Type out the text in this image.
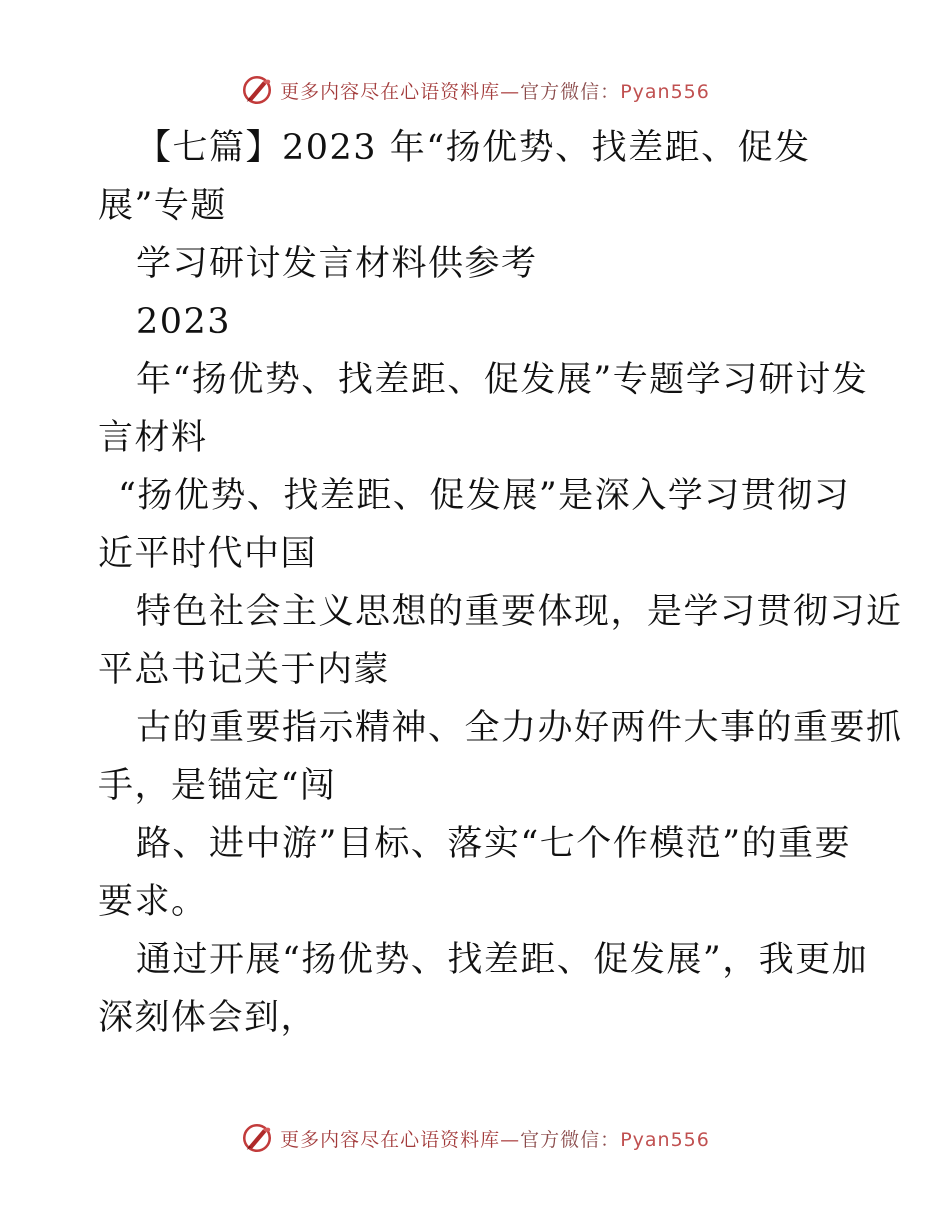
更多内容尽在心语资料库—官方微信：Pyan556
【七篇】2023 年“扬优势、找差距、促发
展”专题
学习研讨发言材料供参考
2023
年“扬优势、找差距、促发展”专题学习研讨发
言材料
“扬优势、找差距、促发展”是深入学习贯彻习
近平时代中国
特色社会主义思想的重要体现，是学习贯彻习近
平总书记关于内蒙
古的重要指示精神、全力办好两件大事的重要抓
手，是锚定“闯
路、进中游”目标、落实“七个作模范”的重要
要求。
通过开展“扬优势、找差距、促发展”，我更加
深刻体会到，
更多内容尽在心语资料库—官方微信：Pyan556
